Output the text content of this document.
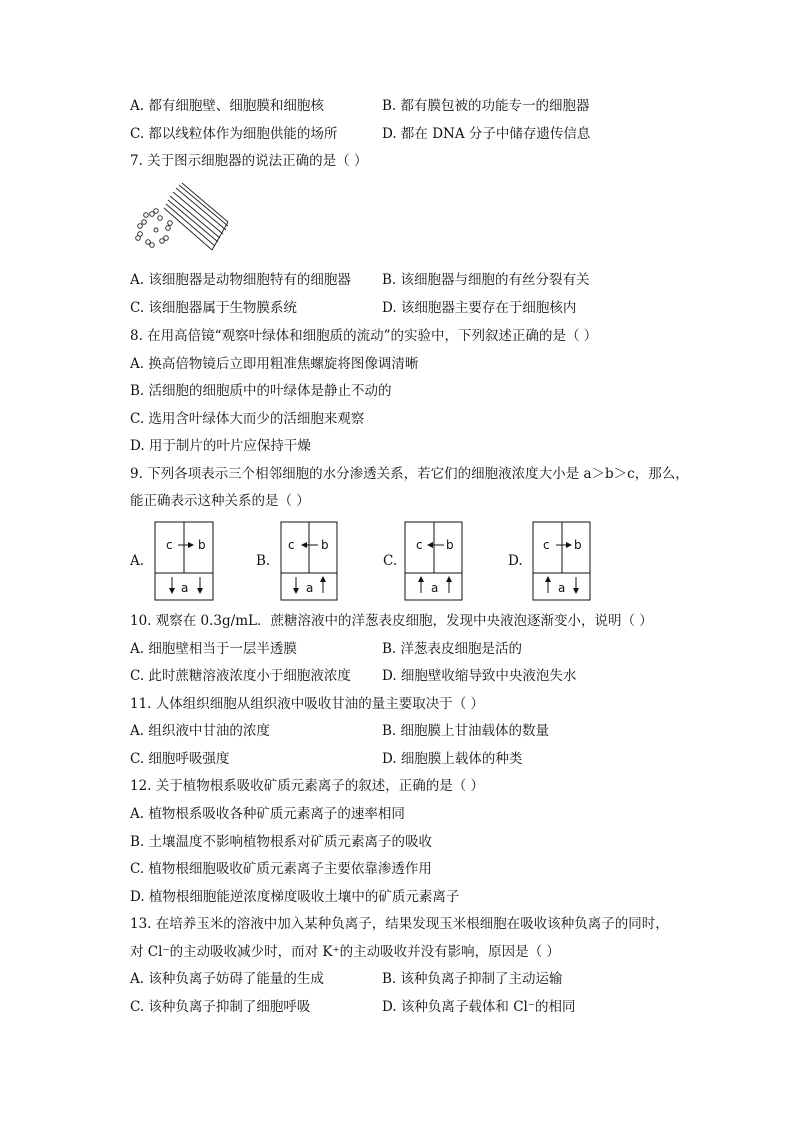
A. 都有细胞壁、细胞膜和细胞核	B. 都有膜包被的功能专一的细胞器
C. 都以线粒体作为细胞供能的场所	D. 都在 DNA 分子中储存遗传信息
7. 关于图示细胞器的说法正确的是（ ）
A. 该细胞器是动物细胞特有的细胞器 B. 该细胞器与细胞的有丝分裂有关
C. 该细胞器属于生物膜系统	D. 该细胞器主要存在于细胞核内
8. 在用高倍镜“观察叶绿体和细胞质的流动”的实验中，下列叙述正确的是（ ）
A. 换高倍物镜后立即用粗准焦螺旋将图像调清晰
B. 活细胞的细胞质中的叶绿体是静止不动的
C. 选用含叶绿体大而少的活细胞来观察
D. 用于制片的叶片应保持干燥
9. 下列各项表示三个相邻细胞的水分渗透关系，若它们的细胞液浓度大小是 a＞b＞c，那么，
能正确表示这种关系的是（ ）
A.	B.	C.	D.
c b
a
c b
a
c b
a
c b
a
10. 观察在 0.3g/mL．蔗糖溶液中的洋葱表皮细胞，发现中央液泡逐渐变小，说明（ ）
A. 细胞壁相当于一层半透膜	B. 洋葱表皮细胞是活的
C. 此时蔗糖溶液浓度小于细胞液浓度 D. 细胞壁收缩导致中央液泡失水
11. 人体组织细胞从组织液中吸收甘油的量主要取决于（ ）
A. 组织液中甘油的浓度	B. 细胞膜上甘油载体的数量
C. 细胞呼吸强度	D. 细胞膜上载体的种类
12. 关于植物根系吸收矿质元素离子的叙述，正确的是（ ）
A. 植物根系吸收各种矿质元素离子的速率相同
B. 土壤温度不影响植物根系对矿质元素离子的吸收
C. 植物根细胞吸收矿质元素离子主要依靠渗透作用
D. 植物根细胞能逆浓度梯度吸收土壤中的矿质元素离子
13. 在培养玉米的溶液中加入某种负离子，结果发现玉米根细胞在吸收该种负离子的同时，
对 Cl⁻的主动吸收减少时，而对 K⁺的主动吸收并没有影响，原因是（ ）
A. 该种负离子妨碍了能量的生成	B. 该种负离子抑制了主动运输
C. 该种负离子抑制了细胞呼吸	D. 该种负离子载体和 Cl⁻的相同
